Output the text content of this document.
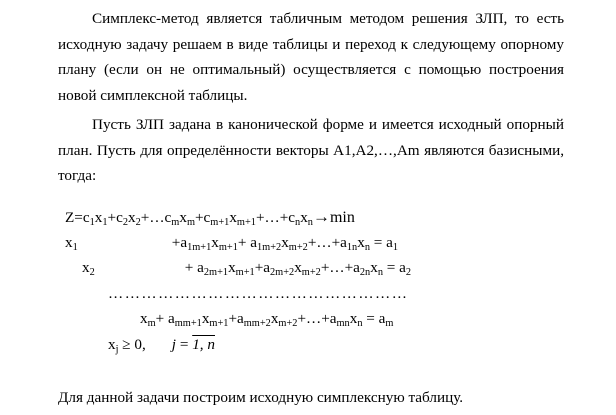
Симплекс-метод является табличным методом решения ЗЛП, то есть исходную задачу решаем в виде таблицы и переход к следующему опорному плану (если он не оптимальный) осуществляется с помощью построения новой симплексной таблицы.

Пусть ЗЛП задана в канонической форме и имеется исходный опорный план. Пусть для определённости векторы А1,А2,…,Аm являются базисными, тогда:

$Z=c_1x_1+c_2x_2+\dots c_mx_m+c_{m+1}x_{m+1}+\dots+c_nx_n\to\min$
$x_1$	$+a_{1m+1}x_{m+1}+$ $a_{1m+2}x_{m+2}+\dots+a_{1n}x_n = a_1$
$x_2$	+ $a_{2m+1}x_{m+1}+a_{2m+2}x_{m+2}+\dots+a_{2n}x_n = a_2$
………………………………………………
$x_m+$ $a_{mm+1}x_{m+1}+a_{mm+2}x_{m+2}+\dots+a_{mn}x_n = a_m$
$x_j \ge 0$, j = 1, n

Для данной задачи построим исходную симплексную таблицу.
